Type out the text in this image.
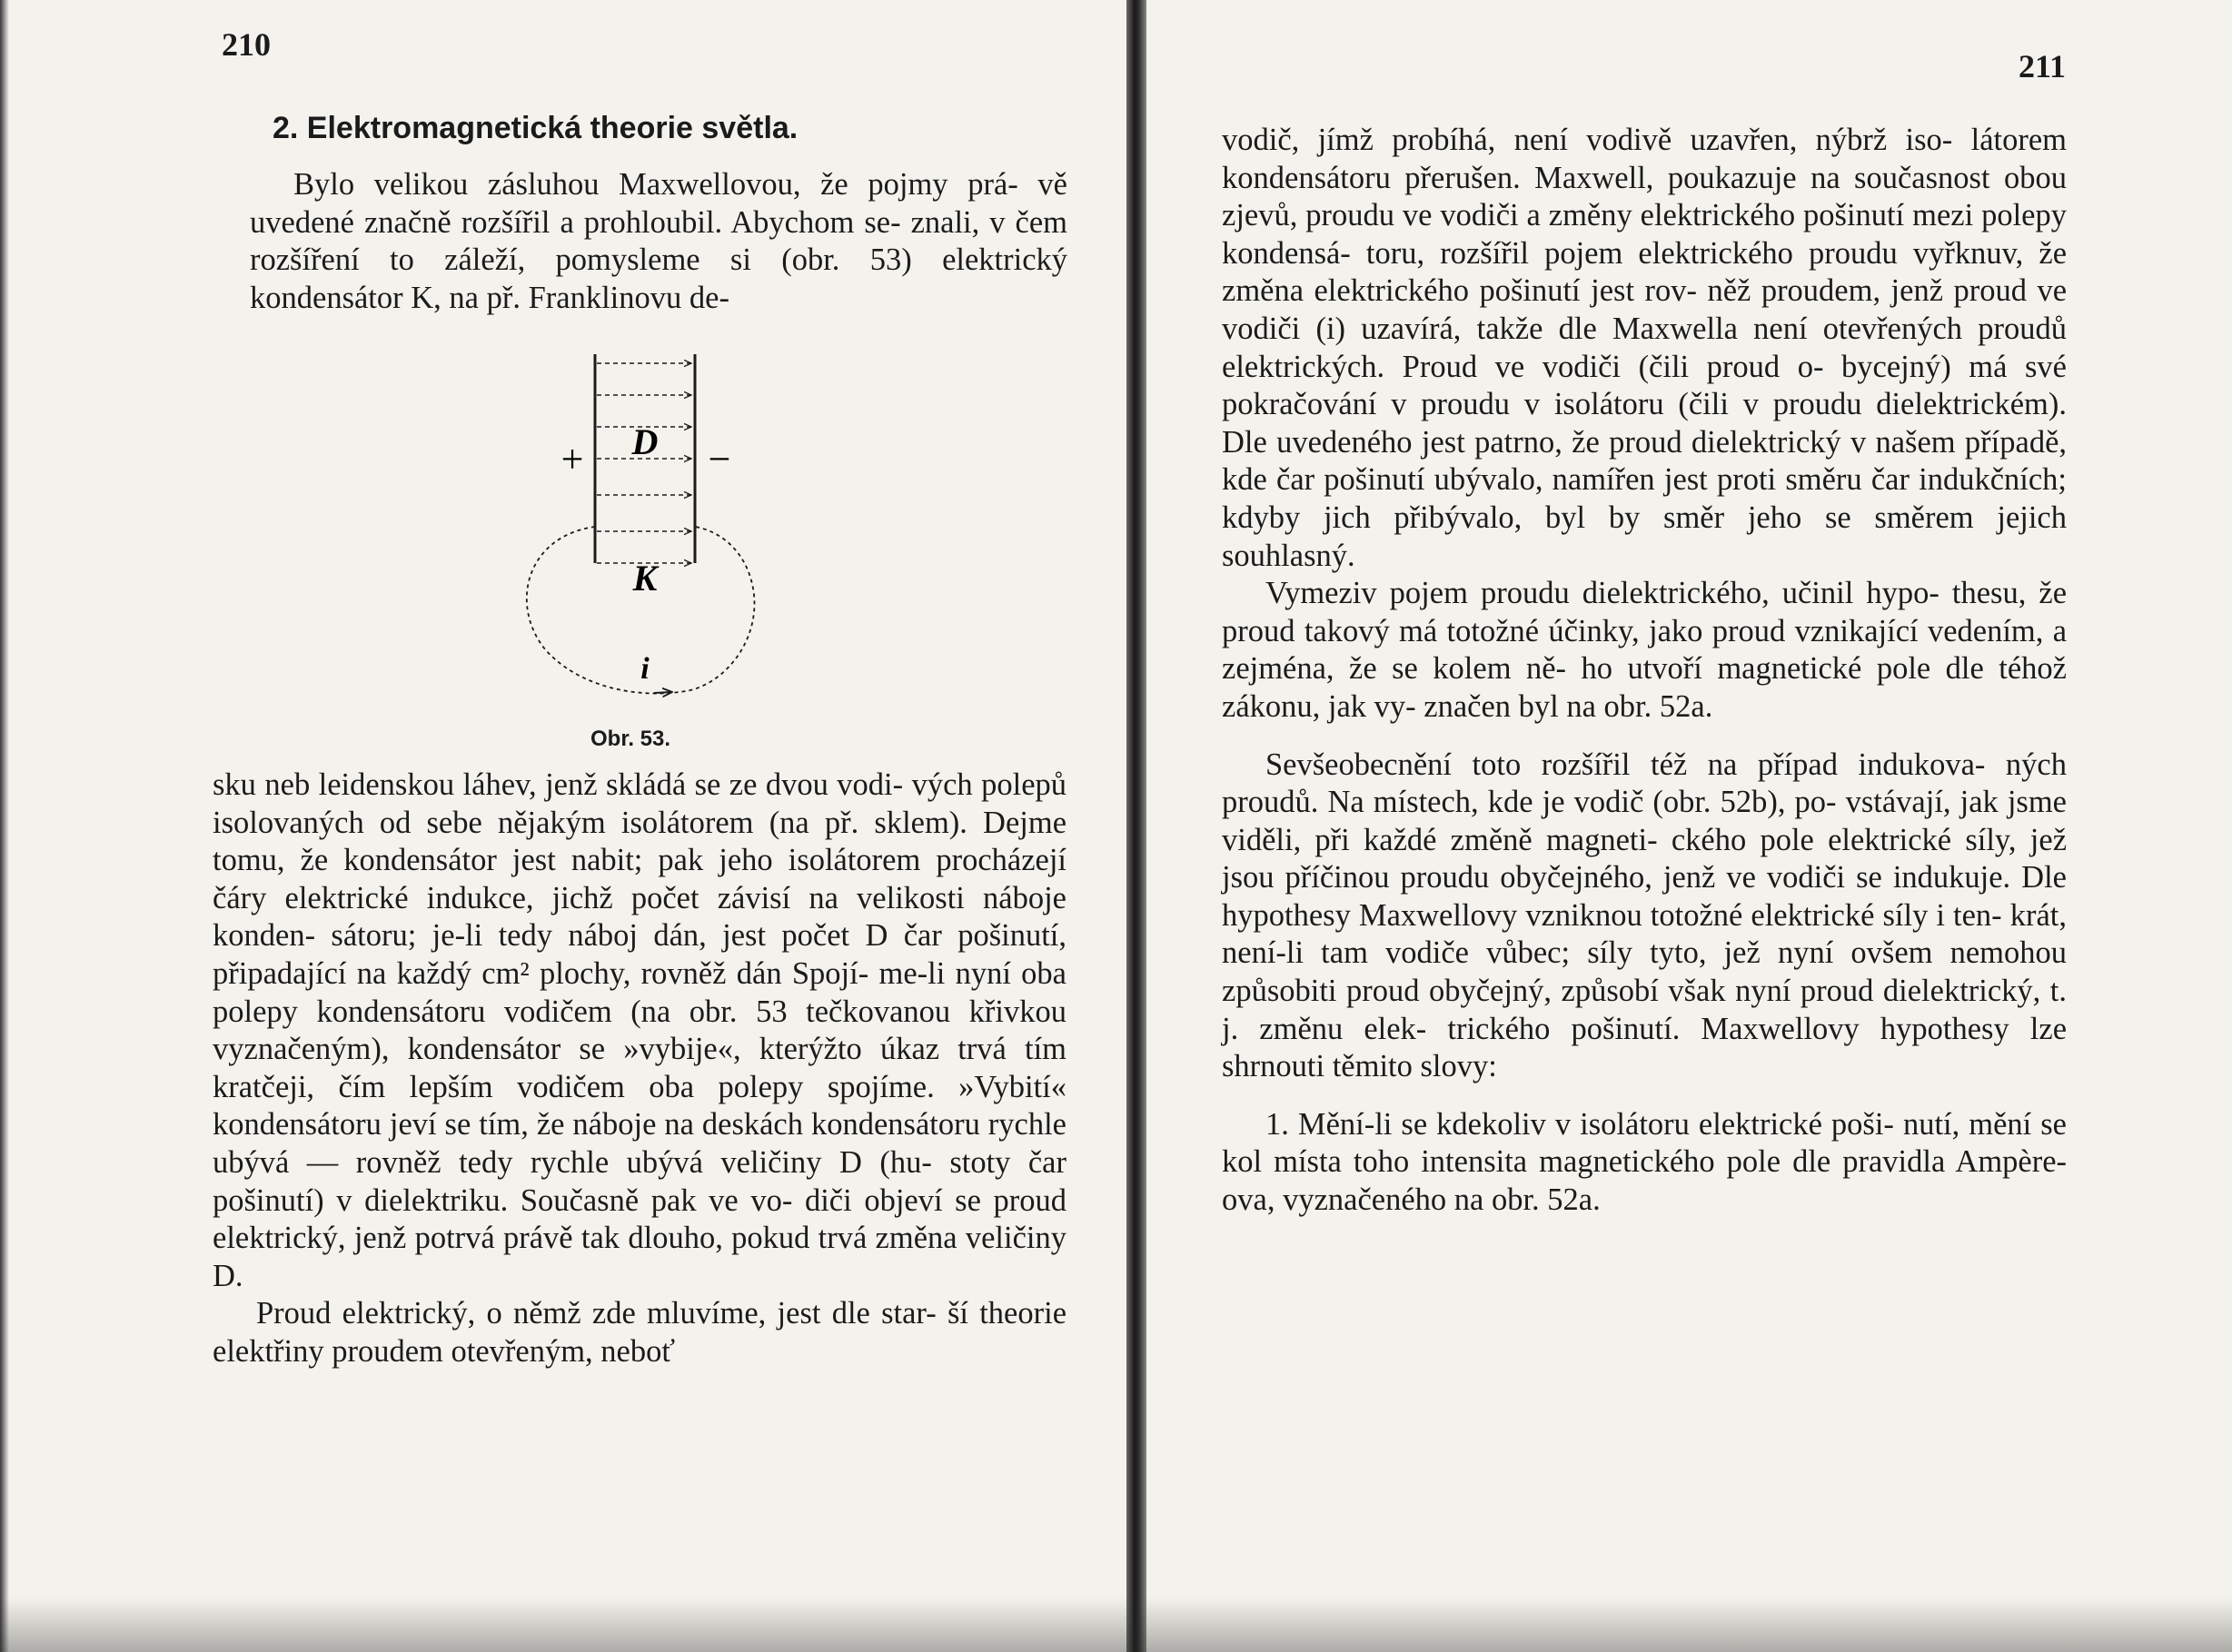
210
2. Elektromagnetická theorie světla.

Bylo velikou zásluhou Maxwellovou, že pojmy prá- vě uvedené značně rozšířil a prohloubil. Abychom se- znali, v čem rozšíření to záleží, pomysleme si (obr. 53) elektrický kondensátor K, na př. Franklinovu de-

D
K
i
+	−
Obr. 53.

sku neb leidenskou láhev, jenž skládá se ze dvou vodi- vých polepů isolovaných od sebe nějakým isolátorem (na př. sklem). Dejme tomu, že kondensátor jest nabit; pak jeho isolátorem procházejí čáry elektrické indukce, jichž počet závisí na velikosti náboje konden- sátoru; je-li tedy náboj dán, jest počet D čar pošinutí, připadající na každý cm² plochy, rovněž dán Spojí- me-li nyní oba polepy kondensátoru vodičem (na obr. 53 tečkovanou křivkou vyznačeným), kondensátor se »vybije«, kterýžto úkaz trvá tím kratčeji, čím lepším vodičem oba polepy spojíme. »Vybití« kondensátoru jeví se tím, že náboje na deskách kondensátoru rychle ubývá — rovněž tedy rychle ubývá veličiny D (hu- stoty čar pošinutí) v dielektriku. Současně pak ve vo- diči objeví se proud elektrický, jenž potrvá právě tak dlouho, pokud trvá změna veličiny D.

Proud elektrický, o němž zde mluvíme, jest dle star- ší theorie elektřiny proudem otevřeným, neboť

211

vodič, jímž probíhá, není vodivě uzavřen, nýbrž iso- látorem kondensátoru přerušen. Maxwell, poukazuje na současnost obou zjevů, proudu ve vodiči a změny elektrického pošinutí mezi polepy kondensá- toru, rozšířil pojem elektrického proudu vyřknuv, že změna elektrického pošinutí jest rov- něž proudem, jenž proud ve vodiči (i) uzavírá, takže dle Maxwella není otevřených proudů elektrických. Proud ve vodiči (čili proud o- bycejný) má své pokračování v proudu v isolátoru (čili v proudu dielektrickém). Dle uvedeného jest patrno, že proud dielektrický v našem případě, kde čar pošinutí ubývalo, namířen jest proti směru čar indukčních; kdyby jich přibývalo, byl by směr jeho se směrem jejich souhlasný.

Vymeziv pojem proudu dielektrického, učinil hypo- thesu, že proud takový má totožné účinky, jako proud vznikající vedením, a zejména, že se kolem ně- ho utvoří magnetické pole dle téhož zákonu, jak vy- značen byl na obr. 52a.

Sevšeobecnění toto rozšířil též na případ indukova- ných proudů. Na místech, kde je vodič (obr. 52b), po- vstávají, jak jsme viděli, při každé změně magneti- ckého pole elektrické síly, jež jsou příčinou proudu obyčejného, jenž ve vodiči se indukuje. Dle hypothesy Maxwellovy vzniknou totožné elektrické síly i ten- krát, není-li tam vodiče vůbec; síly tyto, jež nyní ovšem nemohou způsobiti proud obyčejný, způsobí však nyní proud dielektrický, t. j. změnu elek- trického pošinutí. Maxwellovy hypothesy lze shrnouti těmito slovy:

1. Mění-li se kdekoliv v isolátoru elektrické poši- nutí, mění se kol místa toho intensita magnetického pole dle pravidla Ampère-ova, vyznačeného na obr. 52a.
